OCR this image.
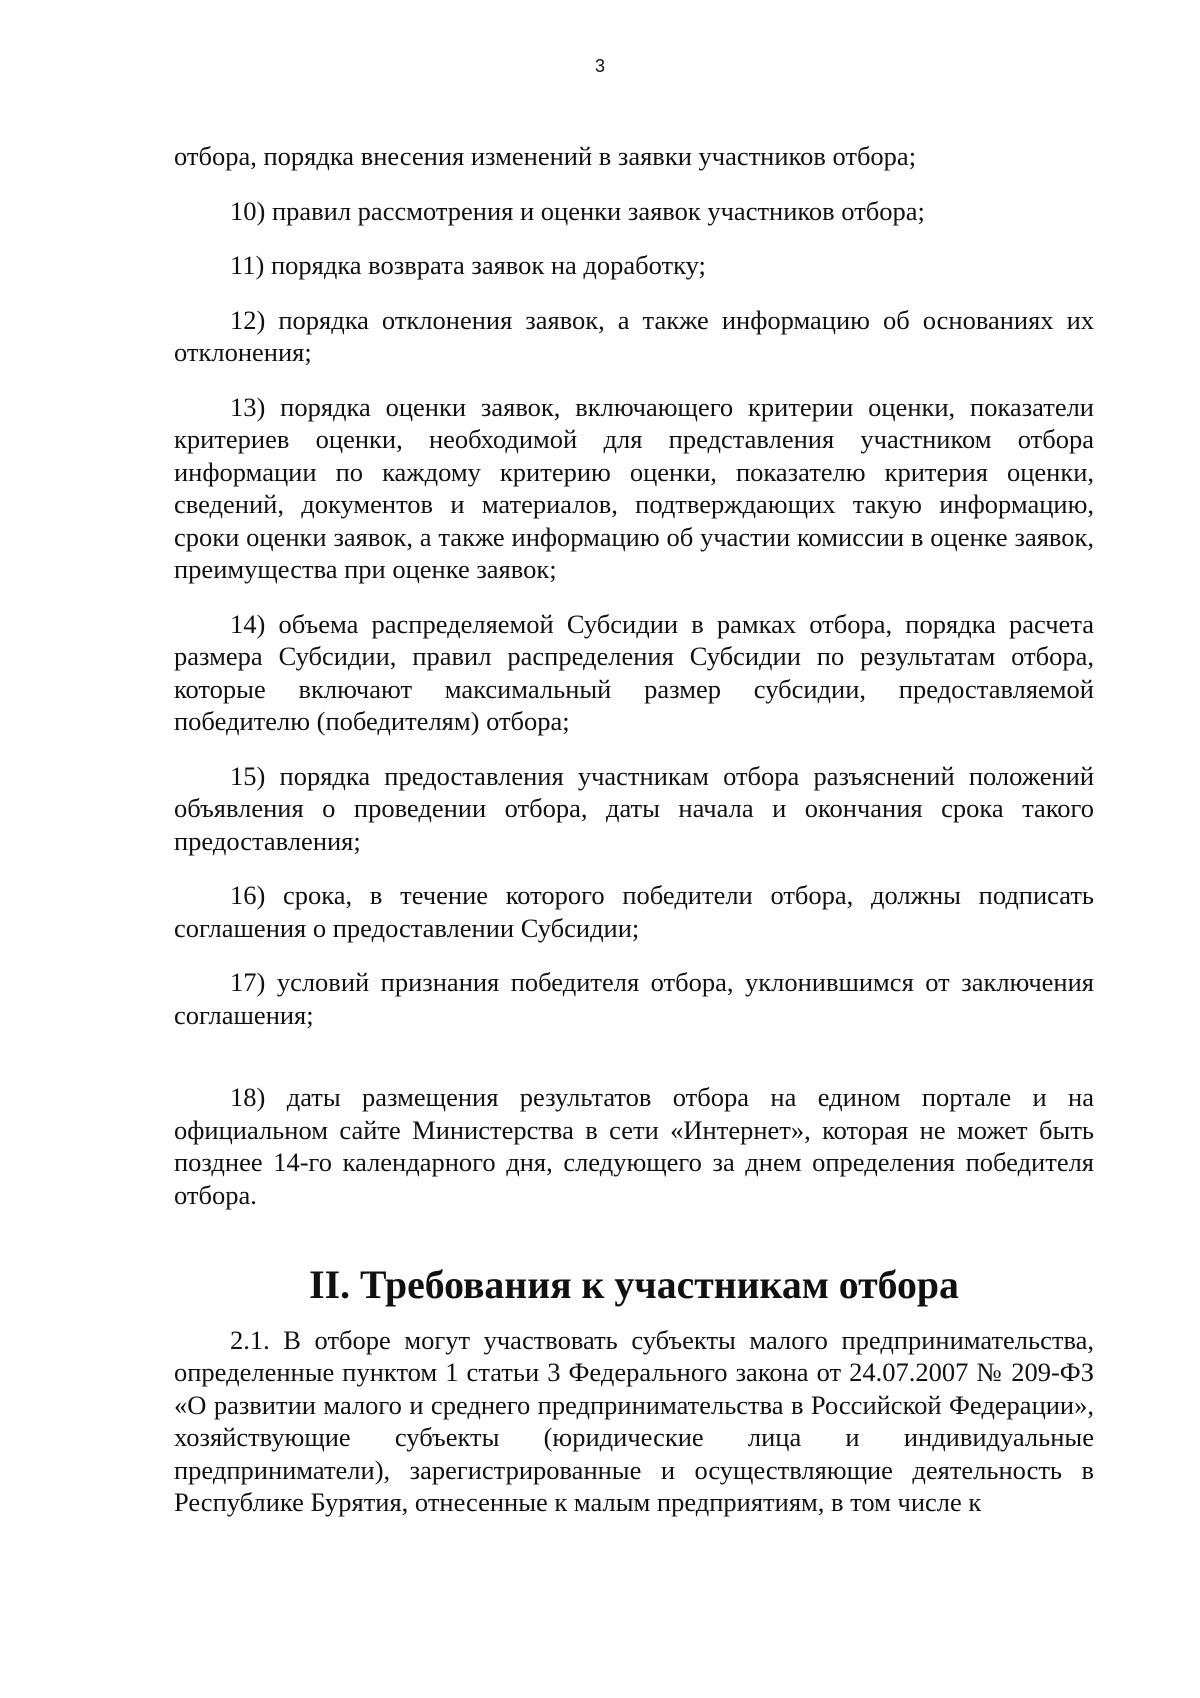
3

отбора, порядка внесения изменений в заявки участников отбора;

10) правил рассмотрения и оценки заявок участников отбора;

11) порядка возврата заявок на доработку;

12) порядка отклонения заявок, а также информацию об основаниях их отклонения;

13) порядка оценки заявок, включающего критерии оценки, показатели критериев оценки, необходимой для представления участником отбора информации по каждому критерию оценки, показателю критерия оценки, сведений, документов и материалов, подтверждающих такую информацию, сроки оценки заявок, а также информацию об участии комиссии в оценке заявок, преимущества при оценке заявок;

14) объема распределяемой Субсидии в рамках отбора, порядка расчета размера Субсидии, правил распределения Субсидии по результатам отбора, которые включают максимальный размер субсидии, предоставляемой победителю (победителям) отбора;

15) порядка предоставления участникам отбора разъяснений положений объявления о проведении отбора, даты начала и окончания срока такого предоставления;

16) срока, в течение которого победители отбора, должны подписать соглашения о предоставлении Субсидии;

17) условий признания победителя отбора, уклонившимся от заключения соглашения;

18) даты размещения результатов отбора на едином портале и на официальном сайте Министерства в сети «Интернет», которая не может быть позднее 14-го календарного дня, следующего за днем определения победителя отбора.

II. Требования к участникам отбора

2.1. В отборе могут участвовать субъекты малого предпринимательства, определенные пунктом 1 статьи 3 Федерального закона от 24.07.2007 № 209-ФЗ «О развитии малого и среднего предпринимательства в Российской Федерации», хозяйствующие субъекты (юридические лица и индивидуальные предприниматели), зарегистрированные и осуществляющие деятельность в Республике Бурятия, отнесенные к малым предприятиям, в том числе к
